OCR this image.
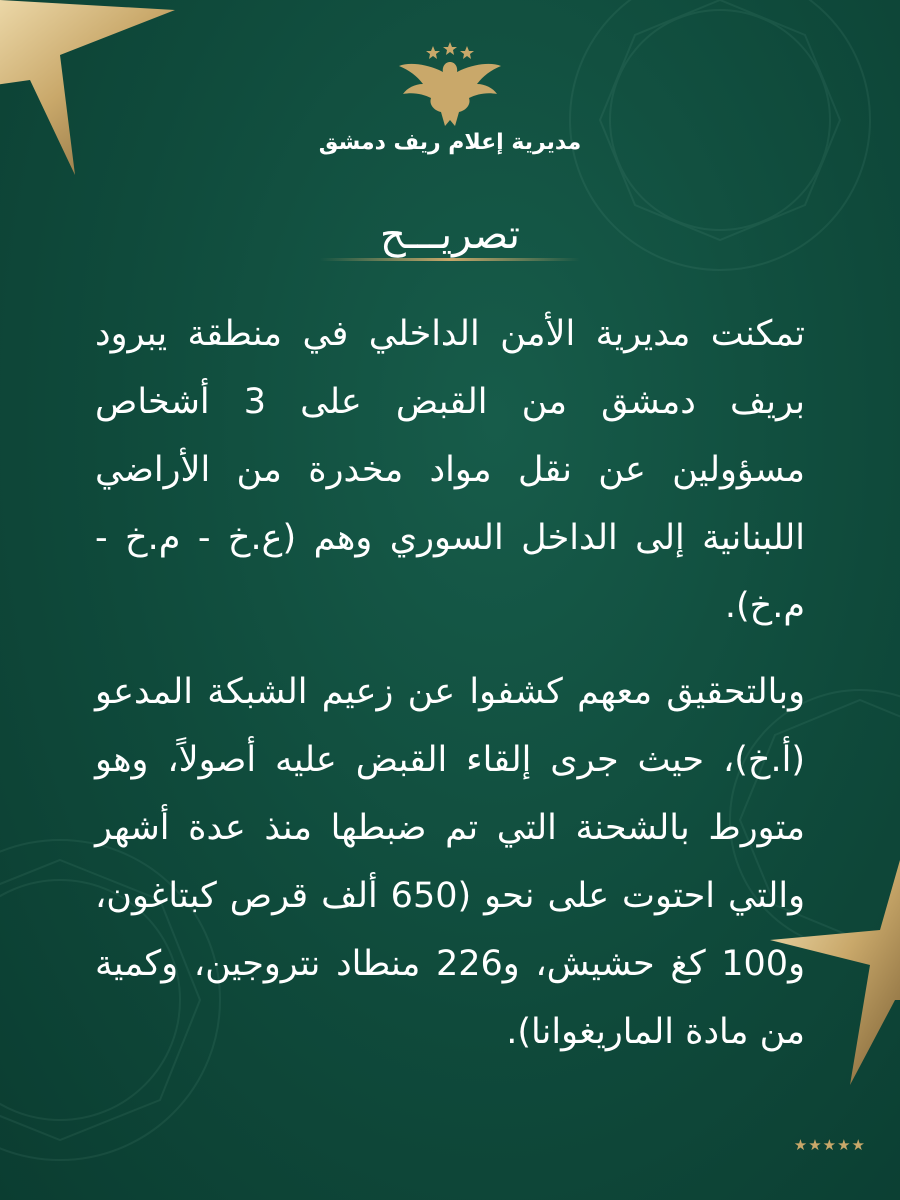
مديرية إعلام ريف دمشق
تصريـــح

تمكنت مديرية الأمن الداخلي في منطقة يبرود بريف دمشق من القبض على 3 أشخاص مسؤولين عن نقل مواد مخدرة من الأراضي اللبنانية إلى الداخل السوري وهم (ع.خ - م.خ - م.خ).

وبالتحقيق معهم كشفوا عن زعيم الشبكة المدعو (أ.خ)، حيث جرى إلقاء القبض عليه أصولاً، وهو متورط بالشحنة التي تم ضبطها منذ عدة أشهر والتي احتوت على نحو (650 ألف قرص كبتاغون، و100 كغ حشيش، و226 منطاد نتروجين، وكمية من مادة الماريغوانا).

★★★★★
